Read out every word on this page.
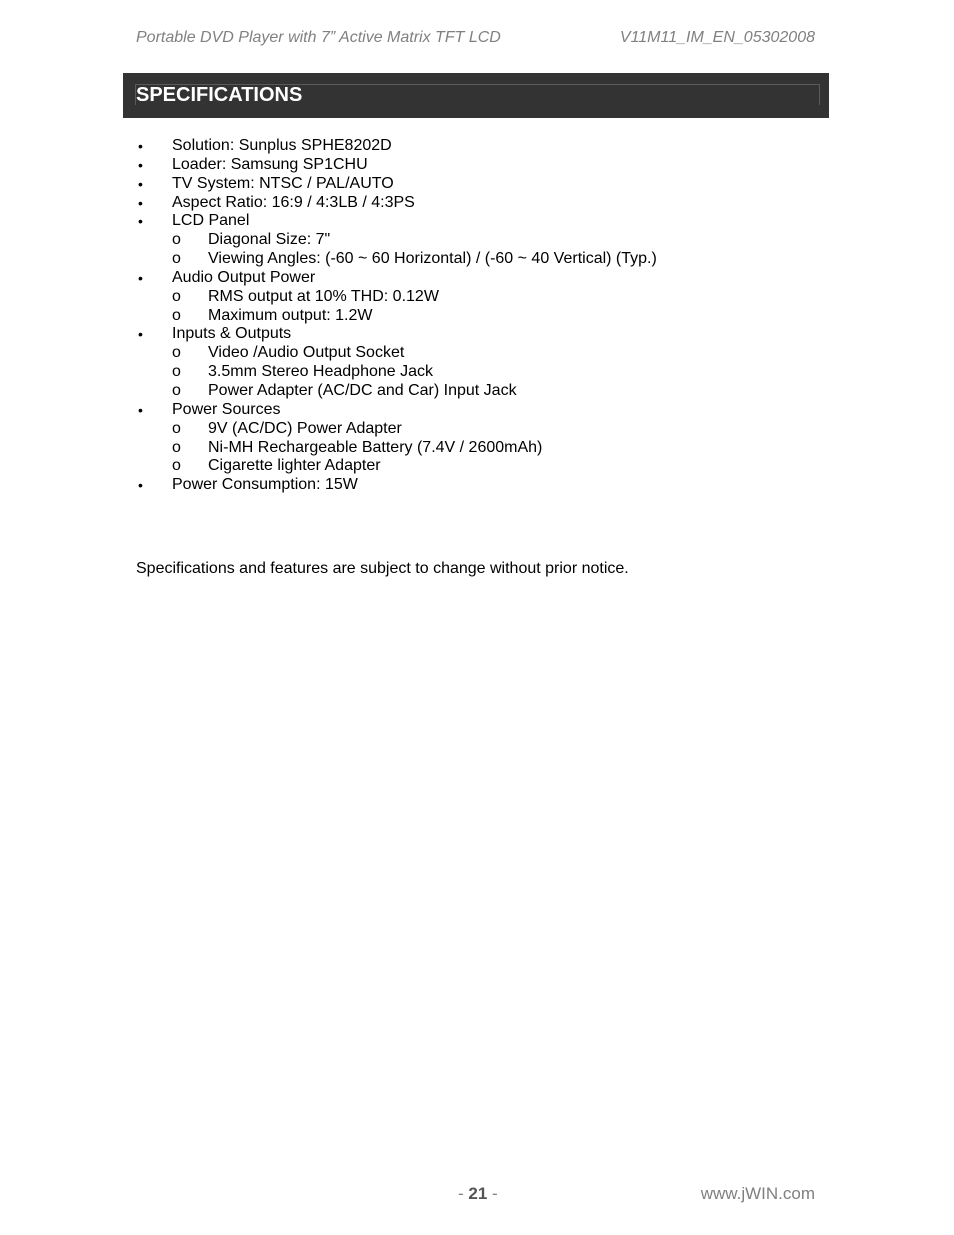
Portable DVD Player with 7” Active Matrix TFT LCD	V11M11_IM_EN_05302008
SPECIFICATIONS
• Solution: Sunplus SPHE8202D
• Loader: Samsung SP1CHU
• TV System: NTSC / PAL/AUTO
• Aspect Ratio: 16:9 / 4:3LB / 4:3PS
• LCD Panel
o Diagonal Size: 7"
o Viewing Angles: (-60 ~ 60 Horizontal) / (-60 ~ 40 Vertical) (Typ.)
• Audio Output Power
o RMS output at 10% THD: 0.12W
o Maximum output: 1.2W
• Inputs & Outputs
o Video /Audio Output Socket
o 3.5mm Stereo Headphone Jack
o Power Adapter (AC/DC and Car) Input Jack
• Power Sources
o 9V (AC/DC) Power Adapter
o Ni-MH Rechargeable Battery (7.4V / 2600mAh)
o Cigarette lighter Adapter
• Power Consumption: 15W
Specifications and features are subject to change without prior notice.
- 21 -	www.jWIN.com
